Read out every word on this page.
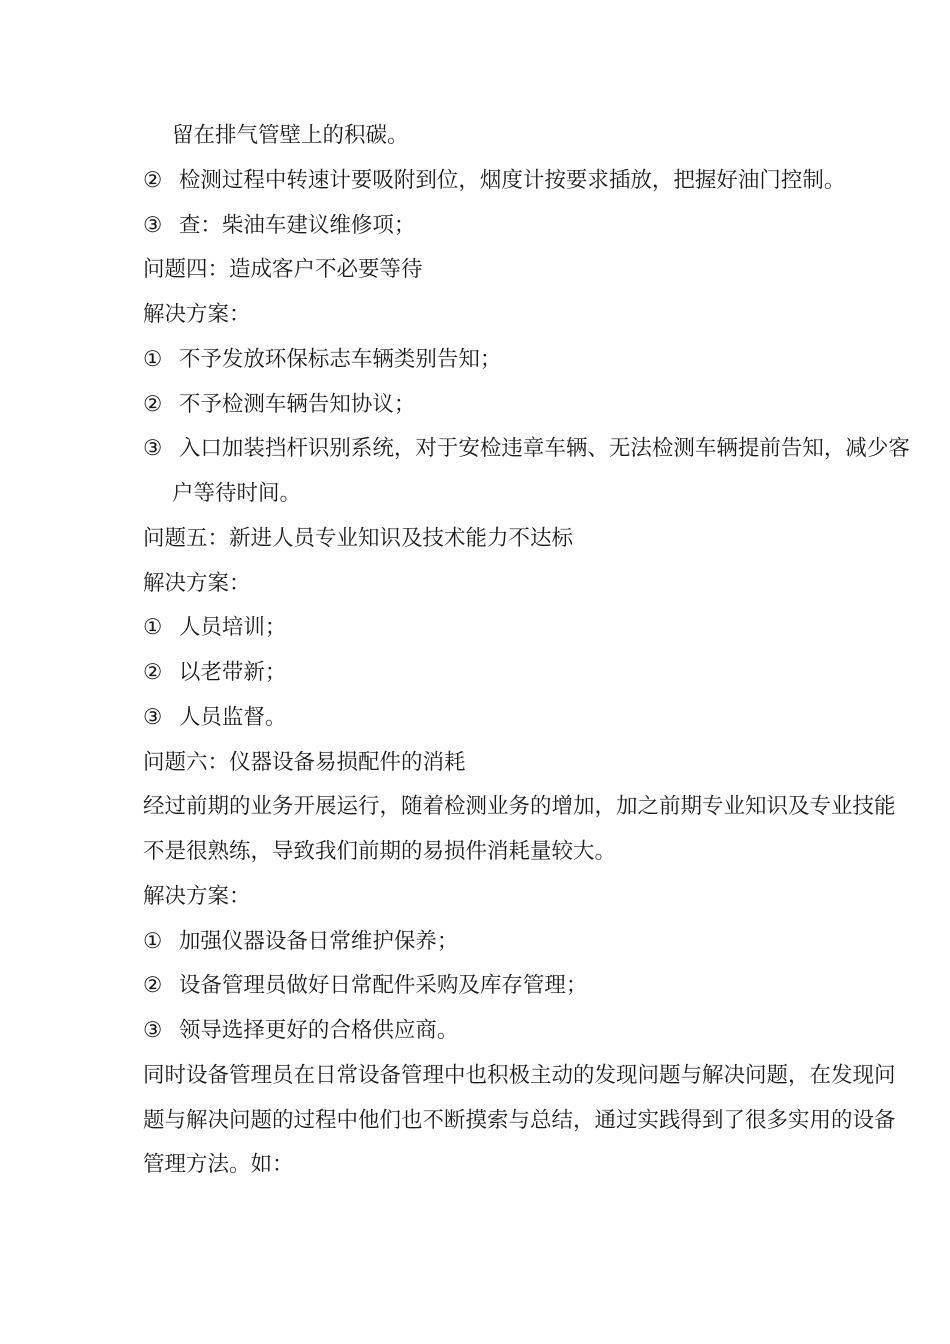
留在排气管壁上的积碳。
② 检测过程中转速计要吸附到位，烟度计按要求插放，把握好油门控制。
③ 查：柴油车建议维修项；
问题四：造成客户不必要等待
解决方案：
① 不予发放环保标志车辆类别告知；
② 不予检测车辆告知协议；
③ 入口加装挡杆识别系统，对于安检违章车辆、无法检测车辆提前告知，减少客
户等待时间。
问题五：新进人员专业知识及技术能力不达标
解决方案：
① 人员培训；
② 以老带新；
③ 人员监督。
问题六：仪器设备易损配件的消耗
经过前期的业务开展运行，随着检测业务的增加，加之前期专业知识及专业技能
不是很熟练，导致我们前期的易损件消耗量较大。
解决方案：
① 加强仪器设备日常维护保养；
② 设备管理员做好日常配件采购及库存管理；
③ 领导选择更好的合格供应商。
同时设备管理员在日常设备管理中也积极主动的发现问题与解决问题，在发现问
题与解决问题的过程中他们也不断摸索与总结，通过实践得到了很多实用的设备
管理方法。如：
